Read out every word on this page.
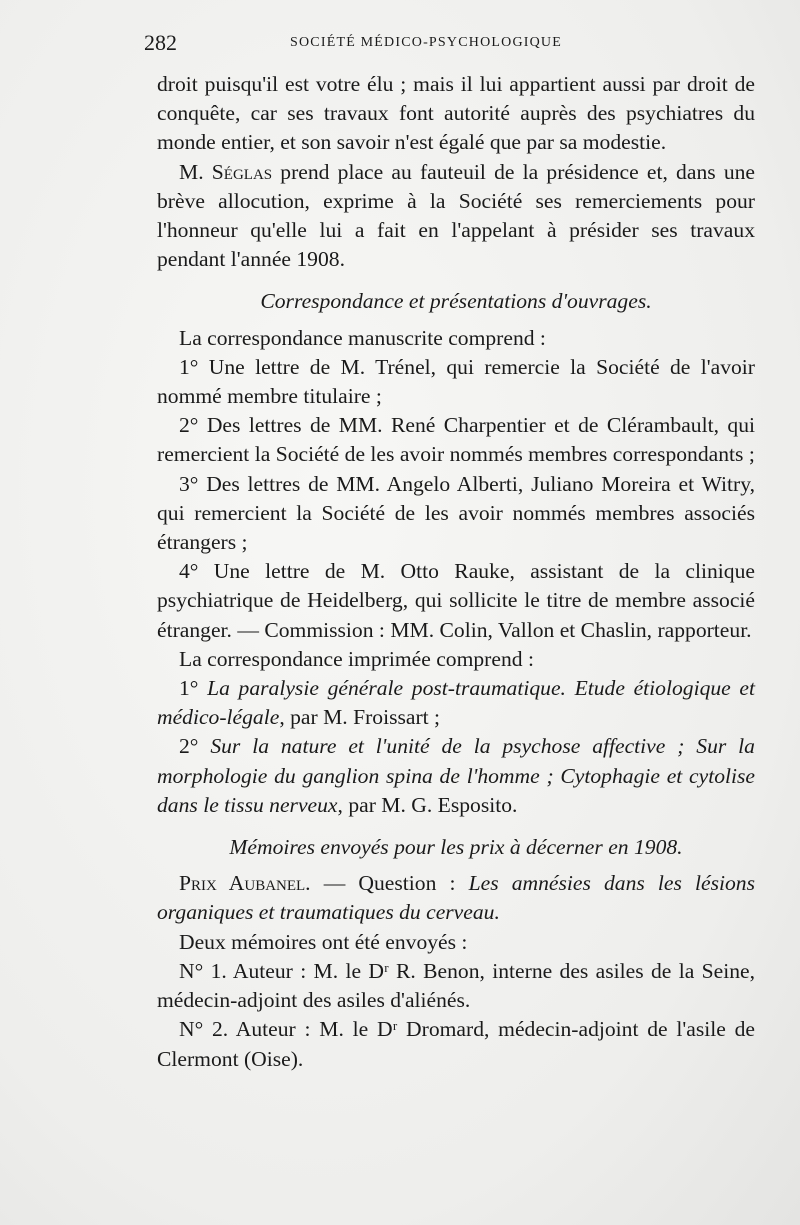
282	SOCIÉTÉ MÉDICO-PSYCHOLOGIQUE

droit puisqu'il est votre élu ; mais il lui appartient aussi par droit de conquête, car ses travaux font autorité auprès des psychiatres du monde entier, et son savoir n'est égalé que par sa modestie.

M. Séglas prend place au fauteuil de la présidence et, dans une brève allocution, exprime à la Société ses remerciements pour l'honneur qu'elle lui a fait en l'appelant à présider ses travaux pendant l'année 1908.

Correspondance et présentations d'ouvrages.

La correspondance manuscrite comprend :

1° Une lettre de M. Trénel, qui remercie la Société de l'avoir nommé membre titulaire ;

2° Des lettres de MM. René Charpentier et de Clérambault, qui remercient la Société de les avoir nommés membres correspondants ;

3° Des lettres de MM. Angelo Alberti, Juliano Moreira et Witry, qui remercient la Société de les avoir nommés membres associés étrangers ;

4° Une lettre de M. Otto Rauke, assistant de la clinique psychiatrique de Heidelberg, qui sollicite le titre de membre associé étranger. — Commission : MM. Colin, Vallon et Chaslin, rapporteur.

La correspondance imprimée comprend :

1° La paralysie générale post-traumatique. Etude étiologique et médico-légale, par M. Froissart ;

2° Sur la nature et l'unité de la psychose affective ; Sur la morphologie du ganglion spina de l'homme ; Cytophagie et cytolise dans le tissu nerveux, par M. G. Esposito.

Mémoires envoyés pour les prix à décerner en 1908.

Prix Aubanel. — Question : Les amnésies dans les lésions organiques et traumatiques du cerveau.

Deux mémoires ont été envoyés :

N° 1. Auteur : M. le Dʳ R. Benon, interne des asiles de la Seine, médecin-adjoint des asiles d'aliénés.

N° 2. Auteur : M. le Dʳ Dromard, médecin-adjoint de l'asile de Clermont (Oise).
